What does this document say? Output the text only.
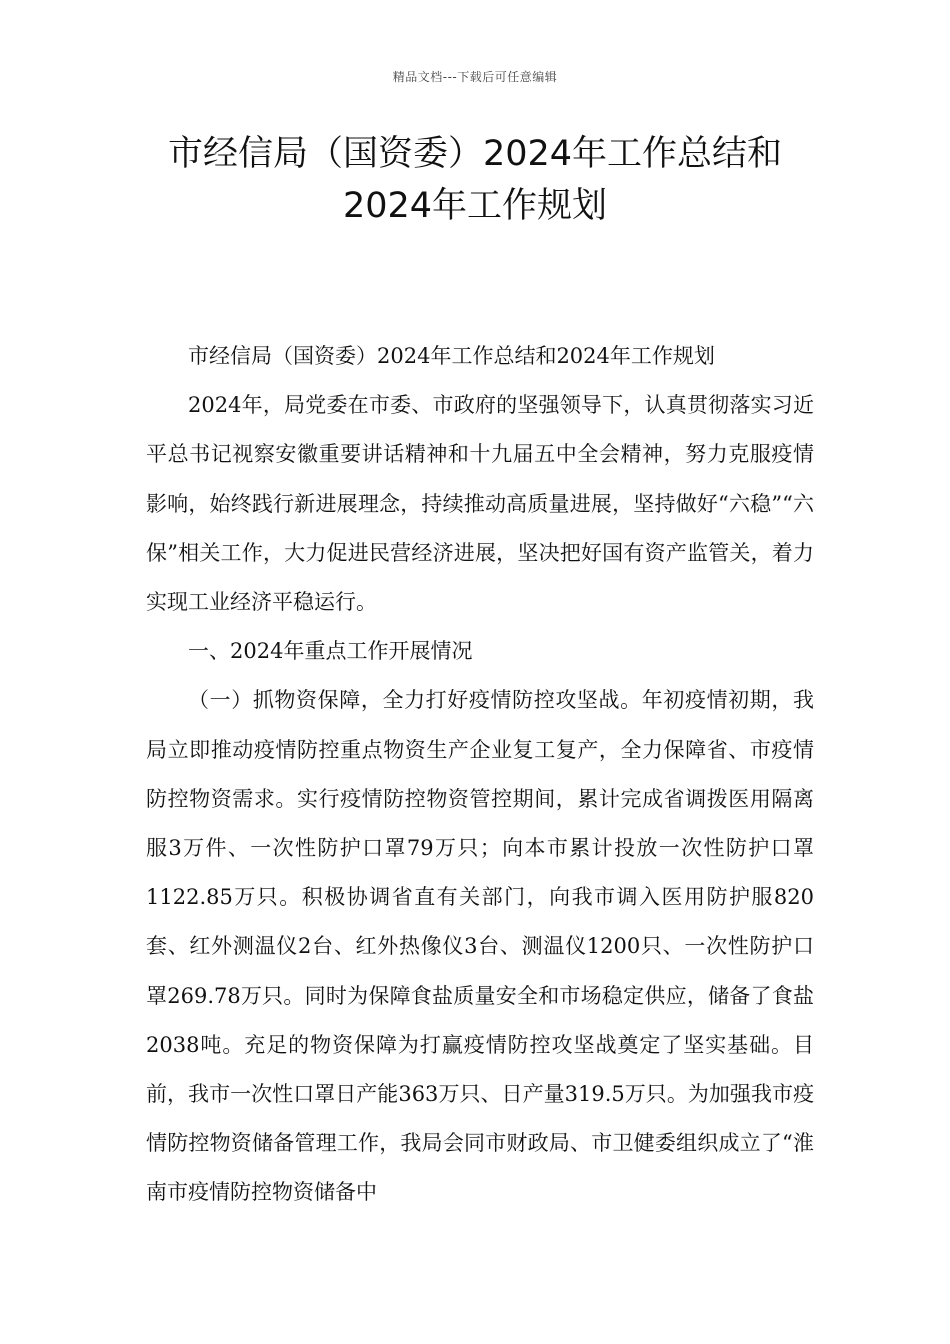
精品文档---下载后可任意编辑
市经信局（国资委）2024年工作总结和
2024年工作规划

市经信局（国资委）2024年工作总结和2024年工作规划

2024年，局党委在市委、市政府的坚强领导下，认真贯彻落实习近平总书记视察安徽重要讲话精神和十九届五中全会精神，努力克服疫情影响，始终践行新进展理念，持续推动高质量进展，坚持做好“六稳”“六保”相关工作，大力促进民营经济进展，坚决把好国有资产监管关，着力实现工业经济平稳运行。

一、2024年重点工作开展情况

（一）抓物资保障，全力打好疫情防控攻坚战。年初疫情初期，我局立即推动疫情防控重点物资生产企业复工复产，全力保障省、市疫情防控物资需求。实行疫情防控物资管控期间，累计完成省调拨医用隔离服3万件、一次性防护口罩79万只；向本市累计投放一次性防护口罩1122.85万只。积极协调省直有关部门，向我市调入医用防护服820套、红外测温仪2台、红外热像仪3台、测温仪1200只、一次性防护口罩269.78万只。同时为保障食盐质量安全和市场稳定供应，储备了食盐2038吨。充足的物资保障为打赢疫情防控攻坚战奠定了坚实基础。目前，我市一次性口罩日产能363万只、日产量319.5万只。为加强我市疫情防控物资储备管理工作，我局会同市财政局、市卫健委组织成立了“淮南市疫情防控物资储备中
